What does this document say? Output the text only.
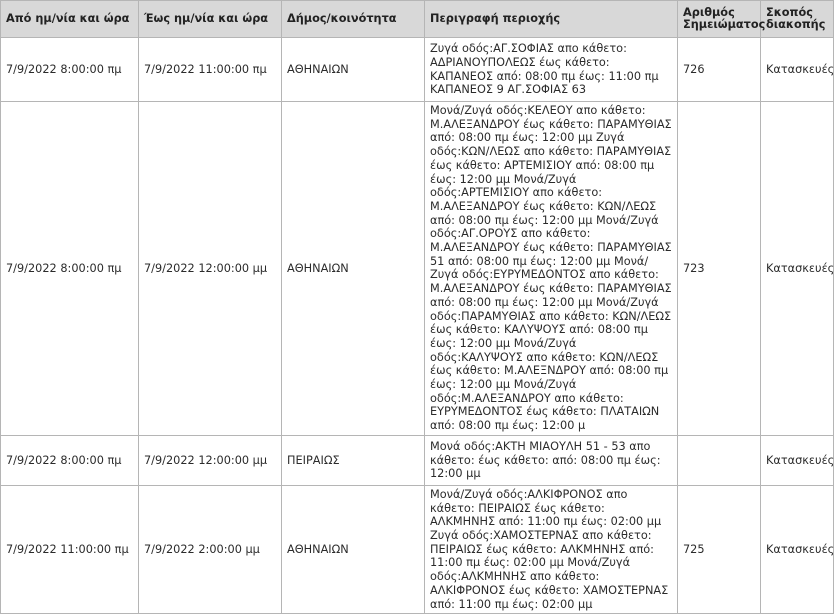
Από ημ/νία και ώρα	Έως ημ/νία και ώρα	Δήμος/κοινότητα	Περιγραφή περιοχής	Αριθμός Σημειώματος	Σκοπός διακοπής
7/9/2022 8:00:00 πμ	7/9/2022 11:00:00 πμ	ΑΘΗΝΑΙΩΝ	Ζυγά οδός:ΑΓ.ΣΟΦΙΑΣ απο κάθετο: ΑΔΡΙΑΝΟΥΠΟΛΕΩΣ έως κάθετο: ΚΑΠΑΝΕΟΣ από: 08:00 πμ έως: 11:00 πμ ΚΑΠΑΝΕΟΣ 9 ΑΓ.ΣΟΦΙΑΣ 63	726	Κατασκευές
7/9/2022 8:00:00 πμ	7/9/2022 12:00:00 μμ	ΑΘΗΝΑΙΩΝ	Μονά/Ζυγά οδός:ΚΕΛΕΟΥ απο κάθετο: Μ.ΑΛΕΞΑΝΔΡΟΥ έως κάθετο: ΠΑΡΑΜΥΘΙΑΣ από: 08:00 πμ έως: 12:00 μμ Ζυγά οδός:ΚΩΝ/ΛΕΩΣ απο κάθετο: ΠΑΡΑΜΥΘΙΑΣ έως κάθετο: ΑΡΤΕΜΙΣΙΟΥ από: 08:00 πμ έως: 12:00 μμ Μονά/Ζυγά οδός:ΑΡΤΕΜΙΣΙΟΥ απο κάθετο: Μ.ΑΛΕΞΑΝΔΡΟΥ έως κάθετο: ΚΩΝ/ΛΕΩΣ από: 08:00 πμ έως: 12:00 μμ Μονά/Ζυγά οδός:ΑΓ.ΟΡΟΥΣ απο κάθετο: Μ.ΑΛΕΞΑΝΔΡΟΥ έως κάθετο: ΠΑΡΑΜΥΘΙΑΣ 51 από: 08:00 πμ έως: 12:00 μμ Μονά/Ζυγά οδός:ΕΥΡΥΜΕΔΟΝΤΟΣ απο κάθετο: Μ.ΑΛΕΞΑΝΔΡΟΥ έως κάθετο: ΠΑΡΑΜΥΘΙΑΣ από: 08:00 πμ έως: 12:00 μμ Μονά/Ζυγά οδός:ΠΑΡΑΜΥΘΙΑΣ απο κάθετο: ΚΩΝ/ΛΕΩΣ έως κάθετο: ΚΑΛΥΨΟΥΣ από: 08:00 πμ έως: 12:00 μμ Μονά/Ζυγά οδός:ΚΑΛΥΨΟΥΣ απο κάθετο: ΚΩΝ/ΛΕΩΣ έως κάθετο: Μ.ΑΛΕΞΝΔΡΟΥ από: 08:00 πμ έως: 12:00 μμ Μονά/Ζυγά οδός:Μ.ΑΛΕΞΑΝΔΡΟΥ απο κάθετο: ΕΥΡΥΜΕΔΟΝΤΟΣ έως κάθετο: ΠΛΑΤΑΙΩΝ από: 08:00 πμ έως: 12:00 μ	723	Κατασκευές
7/9/2022 8:00:00 πμ	7/9/2022 12:00:00 μμ	ΠΕΙΡΑΙΩΣ	Μονά οδός:ΑΚΤΗ ΜΙΑΟΥΛΗ 51 - 53 απο κάθετο: έως κάθετο: από: 08:00 πμ έως: 12:00 μμ		Κατασκευές
7/9/2022 11:00:00 πμ	7/9/2022 2:00:00 μμ	ΑΘΗΝΑΙΩΝ	Μονά/Ζυγά οδός:ΑΛΚΙΦΡΟΝΟΣ απο κάθετο: ΠΕΙΡΑΙΩΣ έως κάθετο: ΑΛΚΜΗΝΗΣ από: 11:00 πμ έως: 02:00 μμ Ζυγά οδός:ΧΑΜΟΣΤΕΡΝΑΣ απο κάθετο: ΠΕΙΡΑΙΩΣ έως κάθετο: ΑΛΚΜΗΝΗΣ από: 11:00 πμ έως: 02:00 μμ Μονά/Ζυγά οδός:ΑΛΚΜΗΝΗΣ απο κάθετο: ΑΛΚΙΦΡΟΝΟΣ έως κάθετο: ΧΑΜΟΣΤΕΡΝΑΣ από: 11:00 πμ έως: 02:00 μμ	725	Κατασκευές
